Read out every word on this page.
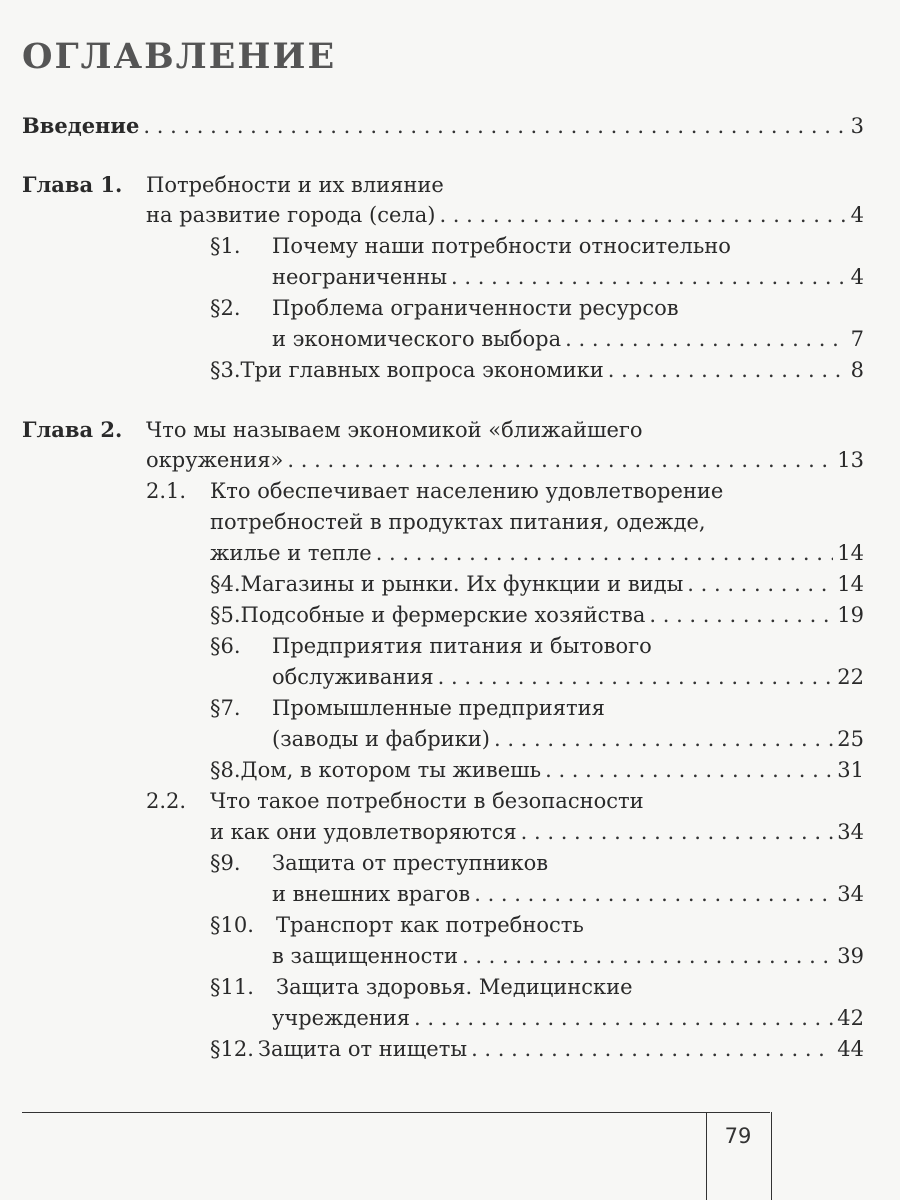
ОГЛАВЛЕНИЕ
Введение . . .	3
Глава 1.	Потребности и их влияние
на развитие города (села) . . .	4
§1.	Почему наши потребности относительно
неограниченны . . .	4
§2.	Проблема ограниченности ресурсов
и экономического выбора . . .	7
§3. Три главных вопроса экономики . . .	8
Глава 2.	Что мы называем экономикой «ближайшего
окружения» . . .	13
2.1.	Кто обеспечивает населению удовлетворение
потребностей в продуктах питания, одежде,
жилье и тепле . . .	14
§4. Магазины и рынки. Их функции и виды . . .	14
§5. Подсобные и фермерские хозяйства . . .	19
§6.	Предприятия питания и бытового
обслуживания . . .	22
§7.	Промышленные предприятия
(заводы и фабрики) . . .	25
§8. Дом, в котором ты живешь . . .	31
2.2.	Что такое потребности в безопасности
и как они удовлетворяются . . .	34
§9.	Защита от преступников
и внешних врагов . . .	34
§10.	Транспорт как потребность
в защищенности . . .	39
§11.	Защита здоровья. Медицинские
учреждения . . .	42
§12. Защита от нищеты . . .	44
79
